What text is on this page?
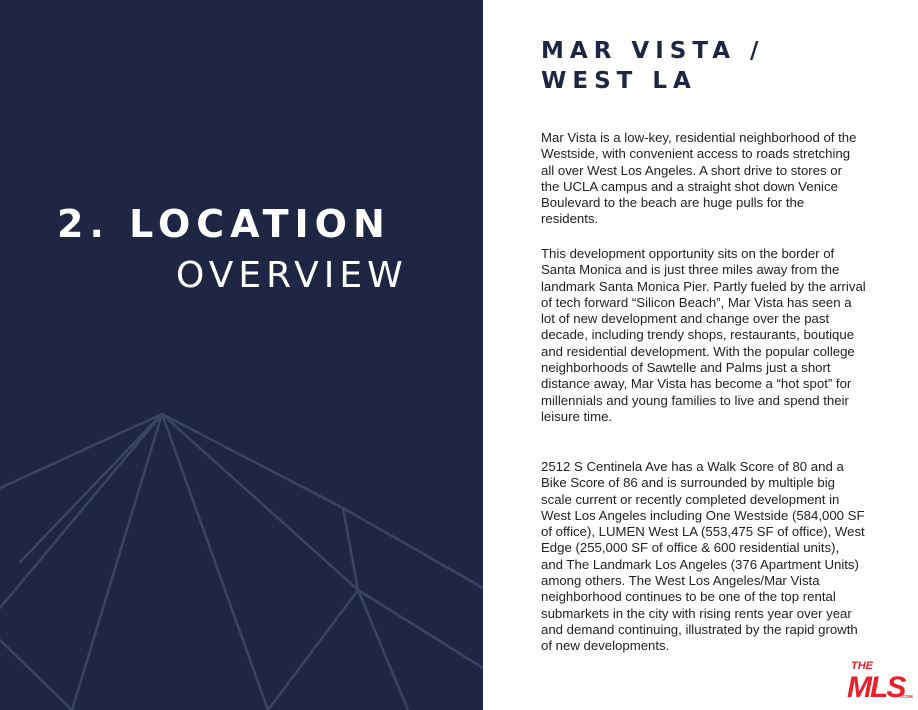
2. LOCATION
OVERVIEW
MAR VISTA /
WEST LA

Mar Vista is a low-key, residential neighborhood of the
Westside, with convenient access to roads stretching
all over West Los Angeles. A short drive to stores or
the UCLA campus and a straight shot down Venice
Boulevard to the beach are huge pulls for the
residents.

This development opportunity sits on the border of
Santa Monica and is just three miles away from the
landmark Santa Monica Pier. Partly fueled by the arrival
of tech forward “Silicon Beach”, Mar Vista has seen a
lot of new development and change over the past
decade, including trendy shops, restaurants, boutique
and residential development. With the popular college
neighborhoods of Sawtelle and Palms just a short
distance away, Mar Vista has become a “hot spot” for
millennials and young families to live and spend their
leisure time.

2512 S Centinela Ave has a Walk Score of 80 and a
Bike Score of 86 and is surrounded by multiple big
scale current or recently completed development in
West Los Angeles including One Westside (584,000 SF
of office), LUMEN West LA (553,475 SF of office), West
Edge (255,000 SF of office & 600 residential units),
and The Landmark Los Angeles (376 Apartment Units)
among others. The West Los Angeles/Mar Vista
neighborhood continues to be one of the top rental
submarkets in the city with rising rents year over year
and demand continuing, illustrated by the rapid growth
of new developments.

THE
MLS
.COM
